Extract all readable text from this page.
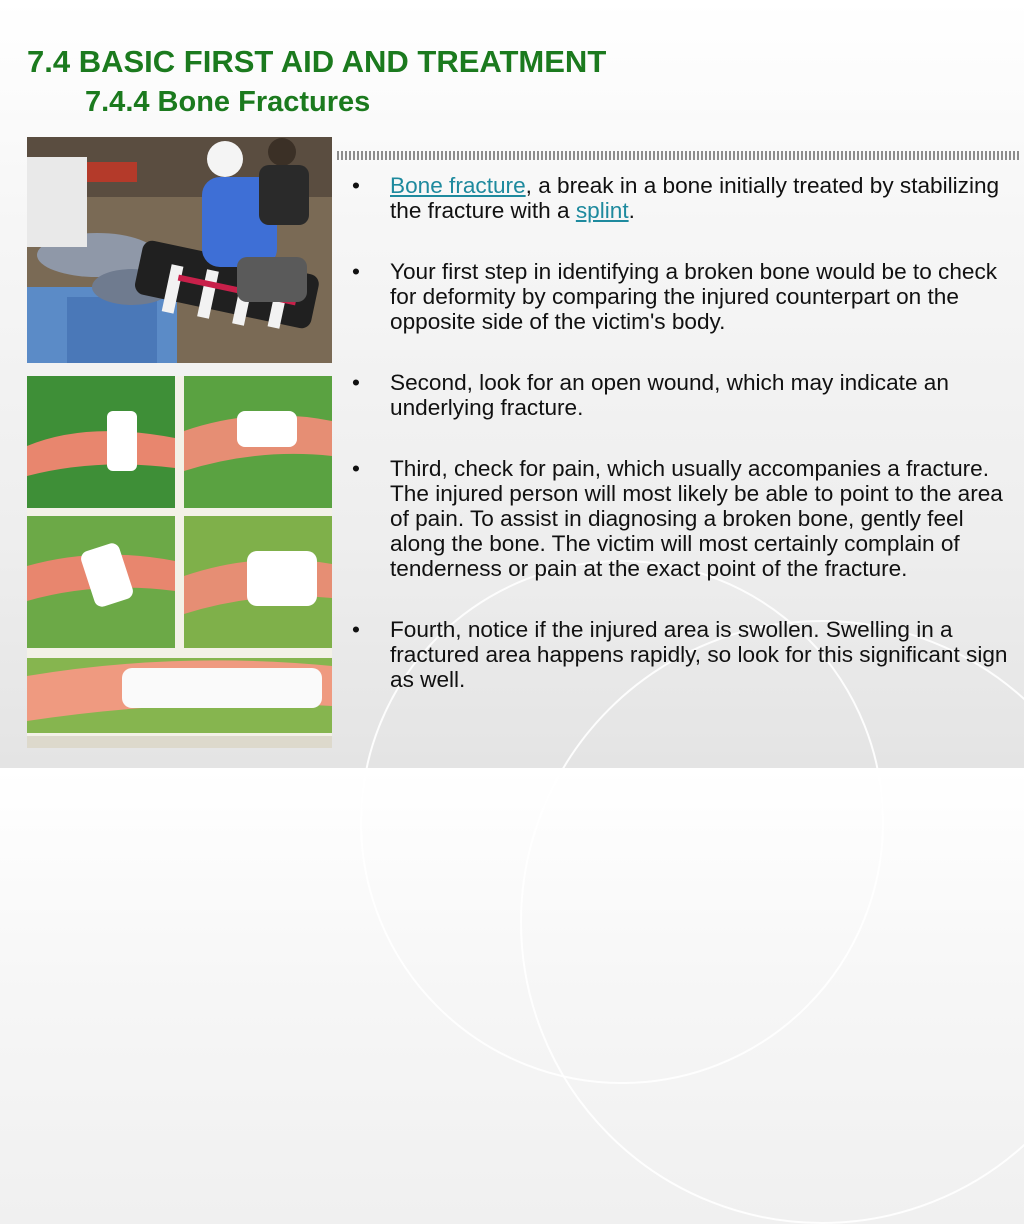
7.4 BASIC FIRST AID AND TREATMENT
7.4.4 Bone Fractures
• Bone fracture, a break in a bone initially treated by stabilizing the fracture with a splint.
• Your first step in identifying a broken bone would be to check for deformity by comparing the injured counterpart on the opposite side of the victim's body.
• Second, look for an open wound, which may indicate an underlying fracture.
• Third, check for pain, which usually accompanies a fracture. The injured person will most likely be able to point to the area of pain. To assist in diagnosing a broken bone, gently feel along the bone. The victim will most certainly complain of tenderness or pain at the exact point of the fracture.
• Fourth, notice if the injured area is swollen. Swelling in a fractured area happens rapidly, so look for this significant sign as well.
